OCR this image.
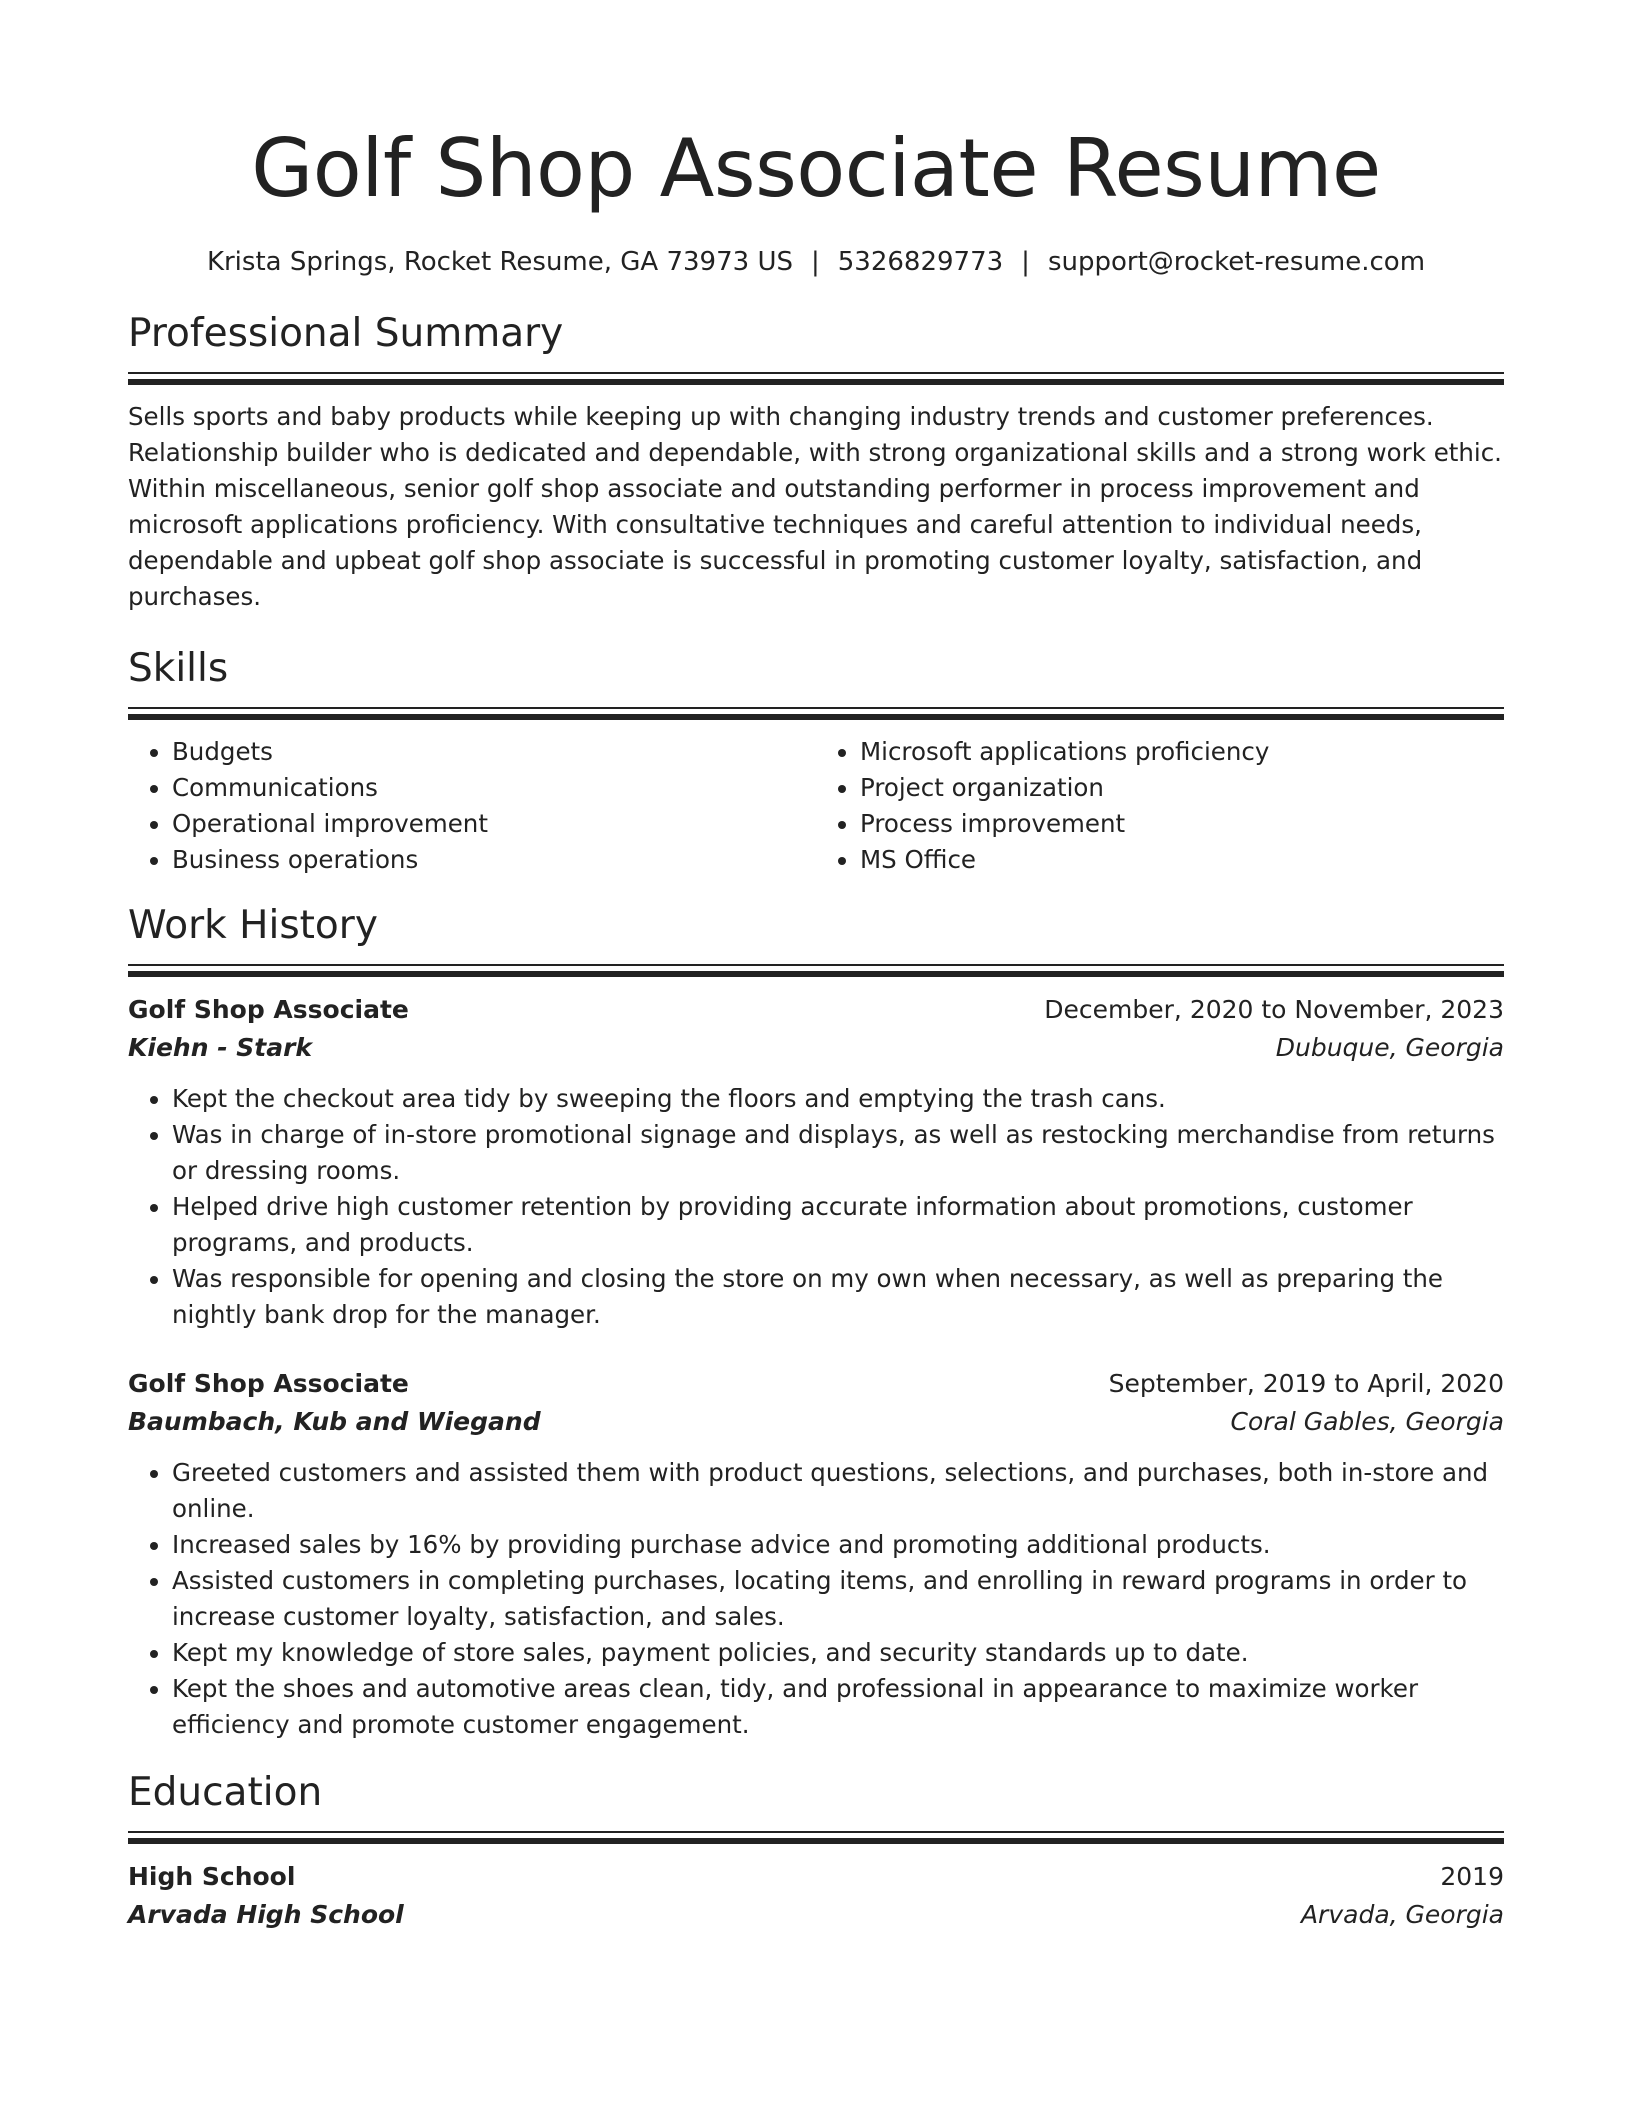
Golf Shop Associate Resume
Krista Springs, Rocket Resume, GA 73973 US | 5326829773 | support@rocket-resume.com
Professional Summary
Sells sports and baby products while keeping up with changing industry trends and customer preferences. Relationship builder who is dedicated and dependable, with strong organizational skills and a strong work ethic. Within miscellaneous, senior golf shop associate and outstanding performer in process improvement and microsoft applications proficiency. With consultative techniques and careful attention to individual needs, dependable and upbeat golf shop associate is successful in promoting customer loyalty, satisfaction, and purchases.
Skills
• Budgets
• Communications
• Operational improvement
• Business operations
• Microsoft applications proficiency
• Project organization
• Process improvement
• MS Office
Work History
Golf Shop Associate	December, 2020 to November, 2023
Kiehn - Stark	Dubuque, Georgia
• Kept the checkout area tidy by sweeping the floors and emptying the trash cans.
• Was in charge of in-store promotional signage and displays, as well as restocking merchandise from returns or dressing rooms.
• Helped drive high customer retention by providing accurate information about promotions, customer programs, and products.
• Was responsible for opening and closing the store on my own when necessary, as well as preparing the nightly bank drop for the manager.
Golf Shop Associate	September, 2019 to April, 2020
Baumbach, Kub and Wiegand	Coral Gables, Georgia
• Greeted customers and assisted them with product questions, selections, and purchases, both in-store and online.
• Increased sales by 16% by providing purchase advice and promoting additional products.
• Assisted customers in completing purchases, locating items, and enrolling in reward programs in order to increase customer loyalty, satisfaction, and sales.
• Kept my knowledge of store sales, payment policies, and security standards up to date.
• Kept the shoes and automotive areas clean, tidy, and professional in appearance to maximize worker efficiency and promote customer engagement.
Education
High School	2019
Arvada High School	Arvada, Georgia
